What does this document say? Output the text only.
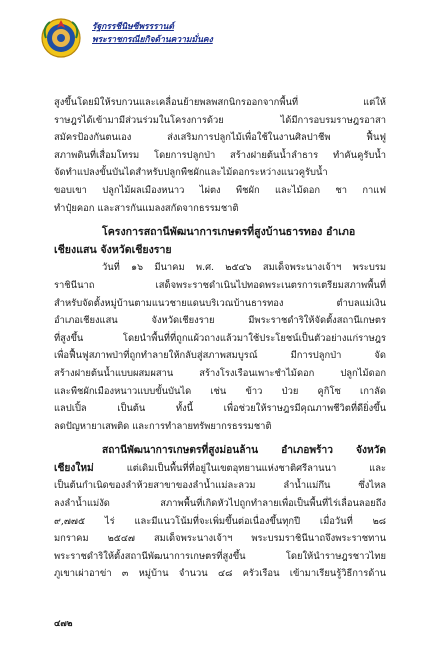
รัฐกรรชีนิษซีพรรรานต์
พระราชกรณียกิจด้านความมั่นคง

สูงขึ้นโดยมิให้รบกวนและเคลื่อนย้ายพลพสกนิกรออกจากพื้นที่ แต่ให้

ราษฎรได้เข้ามามีส่วนร่วมในโครงการด้วย ได้มีการอบรมราษฎรอาสา

สมัครป้องกันตนเอง ส่งเสริมการปลูกไม้เพื่อใช้ในงานศิลปาชีพ ฟื้นฟู

สภาพดินที่เสื่อมโทรม โดยการปลูกป่า สร้างฝายต้นน้ำลำธาร ทำคันคูรับน้ำ

จัดทำแปลงขั้นบันไดสำหรับปลูกพืชผักและไม้ดอกระหว่างแนวคูรับน้ำ

ขอบเขา ปลูกไม้ผลเมืองหนาว ไผ่ตง พืชผัก และไม้ดอก ชา กาแฟ

ทำปุ๋ยคอก และสารกันแมลงสกัดจากธรรมชาติ

โครงการสถานีพัฒนาการเกษตรที่สูงบ้านธารทอง อำเภอ
เชียงแสน จังหวัดเชียงราย

วันที่ ๑๖ มีนาคม พ.ศ. ๒๕๔๖ สมเด็จพระนางเจ้าฯ พระบรม

ราชินีนาถ เสด็จพระราชดำเนินไปทอดพระเนตรการเตรียมสภาพพื้นที่

สำหรับจัดตั้งหมู่บ้านตามแนวชายแดนบริเวณบ้านธารทอง ตำบลแม่เงิน

อำเภอเชียงแสน จังหวัดเชียงราย มีพระราชดำริให้จัดตั้งสถานีเกษตร

ที่สูงขึ้น โดยนำพื้นที่ที่ถูกแผ้วถางแล้วมาใช้ประโยชน์เป็นตัวอย่างแก่ราษฎร

เพื่อฟื้นฟูสภาพป่าที่ถูกทำลายให้กลับสู่สภาพสมบูรณ์ มีการปลูกป่า จัด

สร้างฝายต้นน้ำแบบผสมผสาน สร้างโรงเรือนเพาะชำไม้ดอก ปลูกไม้ดอก

และพืชผักเมืองหนาวแบบขั้นบันได เช่น ข้าว ป่วย คูกิโซ เกาลัด

แลปเปิ้ล เป็นต้น ทั้งนี้ เพื่อช่วยให้ราษฎรมีคุณภาพชีวิตที่ดียิ่งขึ้น

ลดปัญหายาเสพติด และการทำลายทรัพยากรธรรมชาติ

สถานีพัฒนาการเกษตรที่สูงม่อนล้าน อำเภอพร้าว จังหวัด

เชียงใหม่ แต่เดิมเป็นพื้นที่ที่อยู่ในเขตอุทยานแห่งชาติศรีลานนา และ

เป็นต้นกำเนิดของลำห้วยสาขาของลำน้ำแม่ละลวม ลำน้ำแม่กึน ซึ่งไหล

ลงลำน้ำแม่งัด สภาพพื้นที่เกิดหัวไปถูกทำลายเพื่อเป็นพื้นที่ไร่เลื่อนลอยถึง

๙,๗๗๕ ไร่ และมีแนวโน้มที่จะเพิ่มขึ้นต่อเนื่องขึ้นทุกปี เมื่อวันที่ ๒๘

มกราคม ๒๕๔๗ สมเด็จพระนางเจ้าฯ พระบรมราชินีนาถจึงพระราชทาน

พระราชดำริให้ตั้งสถานีพัฒนาการเกษตรที่สูงขึ้น โดยให้นำราษฎรชาวไทย

ภูเขาเผ่าอาข่า ๓ หมู่บ้าน จำนวน ๔๘ ครัวเรือน เข้ามาเรียนรู้วิธีการด้าน

๔๗๒
